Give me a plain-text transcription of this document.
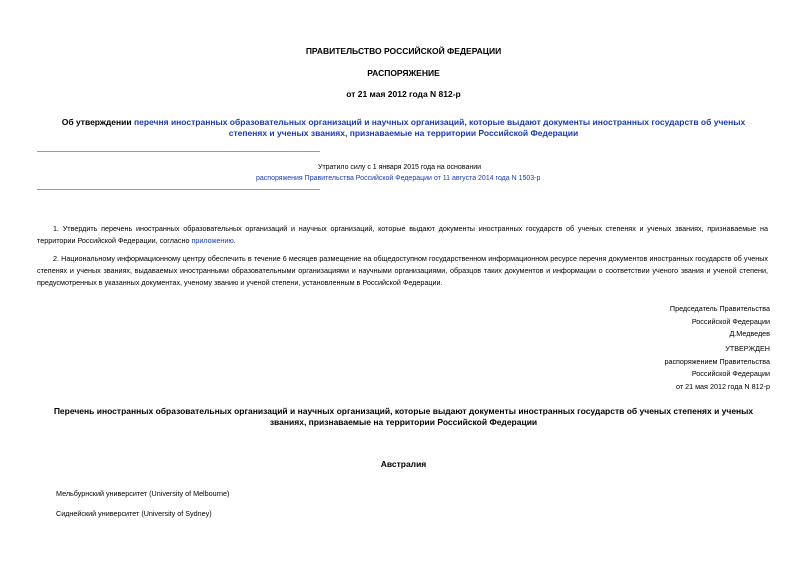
ПРАВИТЕЛЬСТВО РОССИЙСКОЙ ФЕДЕРАЦИИ
РАСПОРЯЖЕНИЕ
от 21 мая 2012 года N 812-р
Об утверждении перечня иностранных образовательных организаций и научных организаций, которые выдают документы иностранных государств об ученых
степенях и ученых званиях, признаваемые на территории Российской Федерации
Утратило силу с 1 января 2015 года на основании
распоряжения Правительства Российской Федерации от 11 августа 2014 года N 1503-р
1. Утвердить перечень иностранных образовательных организаций и научных организаций, которые выдают документы иностранных государств об ученых степенях и ученых званиях, признаваемые на территории Российской Федерации, согласно приложению.
2. Национальному информационному центру обеспечить в течение 6 месяцев размещение на общедоступном государственном информационном ресурсе перечня документов иностранных государств об ученых степенях и ученых званиях, выдаваемых иностранными образовательными организациями и научными организациями, образцов таких документов и информации о соответствии ученого звания и ученой степени, предусмотренных в указанных документах, ученому званию и ученой степени, установленным в Российской Федерации.
Председатель Правительства
Российской Федерации
Д.Медведев
УТВЕРЖДЕН
распоряжением Правительства
Российской Федерации
от 21 мая 2012 года N 812-р
Перечень иностранных образовательных организаций и научных организаций, которые выдают документы иностранных государств об ученых степенях и ученых
званиях, признаваемые на территории Российской Федерации
Австралия
Мельбурнский университет (University of Melbourne)
Сиднейский университет (University of Sydney)
